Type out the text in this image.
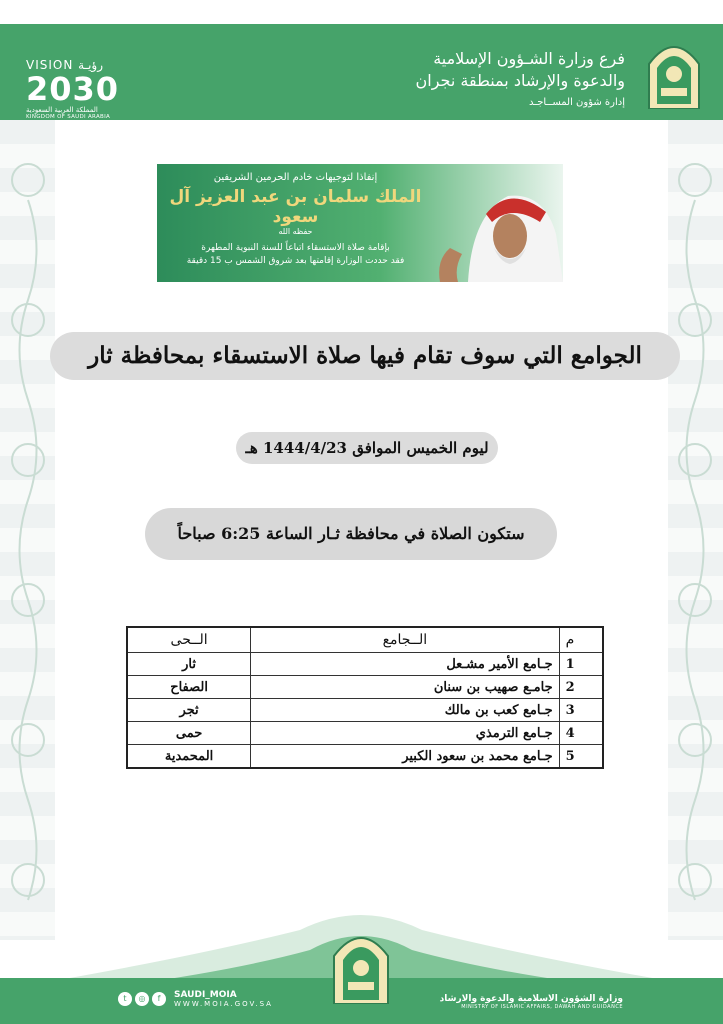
فرع وزارة الشـؤون الإسلامية
والدعوة والإرشاد بمنطقة نجران
إدارة شؤون المســاجـد
VISION رؤيـة
2030
المملكة العربية السعودية
KINGDOM OF SAUDI ARABIA
إنفاذا لتوجيهات خادم الحرمين الشريفين
الملك سلمان بن عبد العزيز آل سعود
حفظه الله
بإقامة صلاة الاستسقاء اتباعاً للسنة النبوية المطهرة
فقد حددت الوزارة إقامتها بعد شروق الشمس ب 15 دقيقة
الجوامع التي سوف تقام فيها صلاة الاستسقاء بمحافظة ثار
ليوم الخميس الموافق 1444/4/23 هـ
ستكون الصلاة في محافظة ثـار الساعة 6:25 صباحاً
م	الــجامع	الــحى
1	جـامع الأمير مشـعل	ثار
2	جامـع صهيب بن سنان	الصفاح
3	جـامع كعب بن مالك	ثجر
4	جـامع الترمذي	حمى
5	جـامع محمد بن سعود الكبير	المحمدية
t	◎	f	SAUDI_MOIA
WWW.MOIA.GOV.SA	وزارة الشؤون الاسلامية والدعوة والارشاد
MINISTRY OF ISLAMIC AFFAIRS, DAWAH AND GUIDANCE
